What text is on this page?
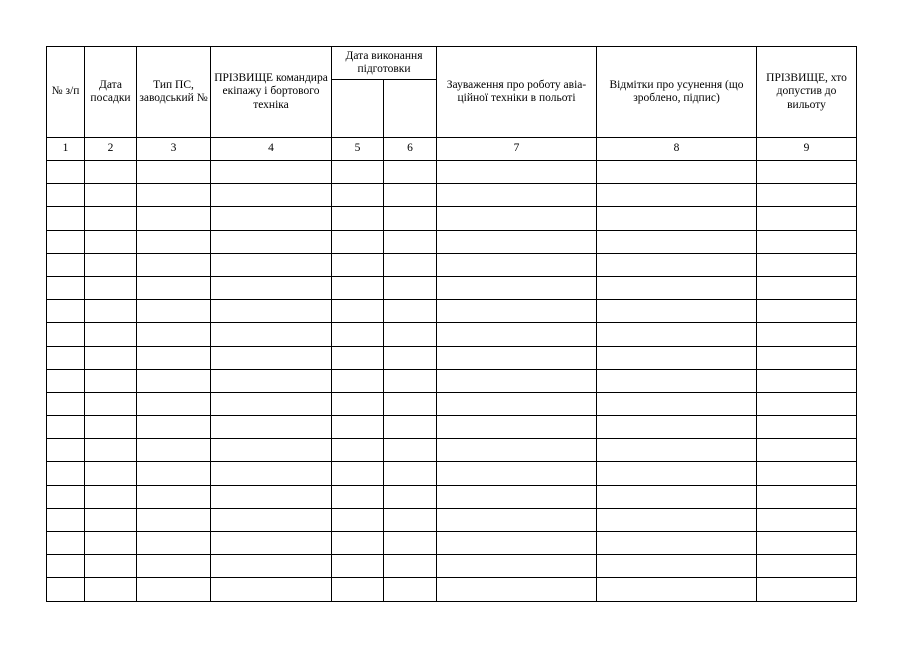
№ з/п	Дата посадки	Тип ПС, заводський №	ПРІЗВИЩЕ командира екіпажу і бортового техніка	Дата виконання підготовки		Зауваження про роботу авіа-ційної техніки в польоті	Відмітки про усунення (що зроблено, підпис)	ПРІЗВИЩЕ, хто допустив до вильоту

1	2	3	4	5	6	7	8	9
